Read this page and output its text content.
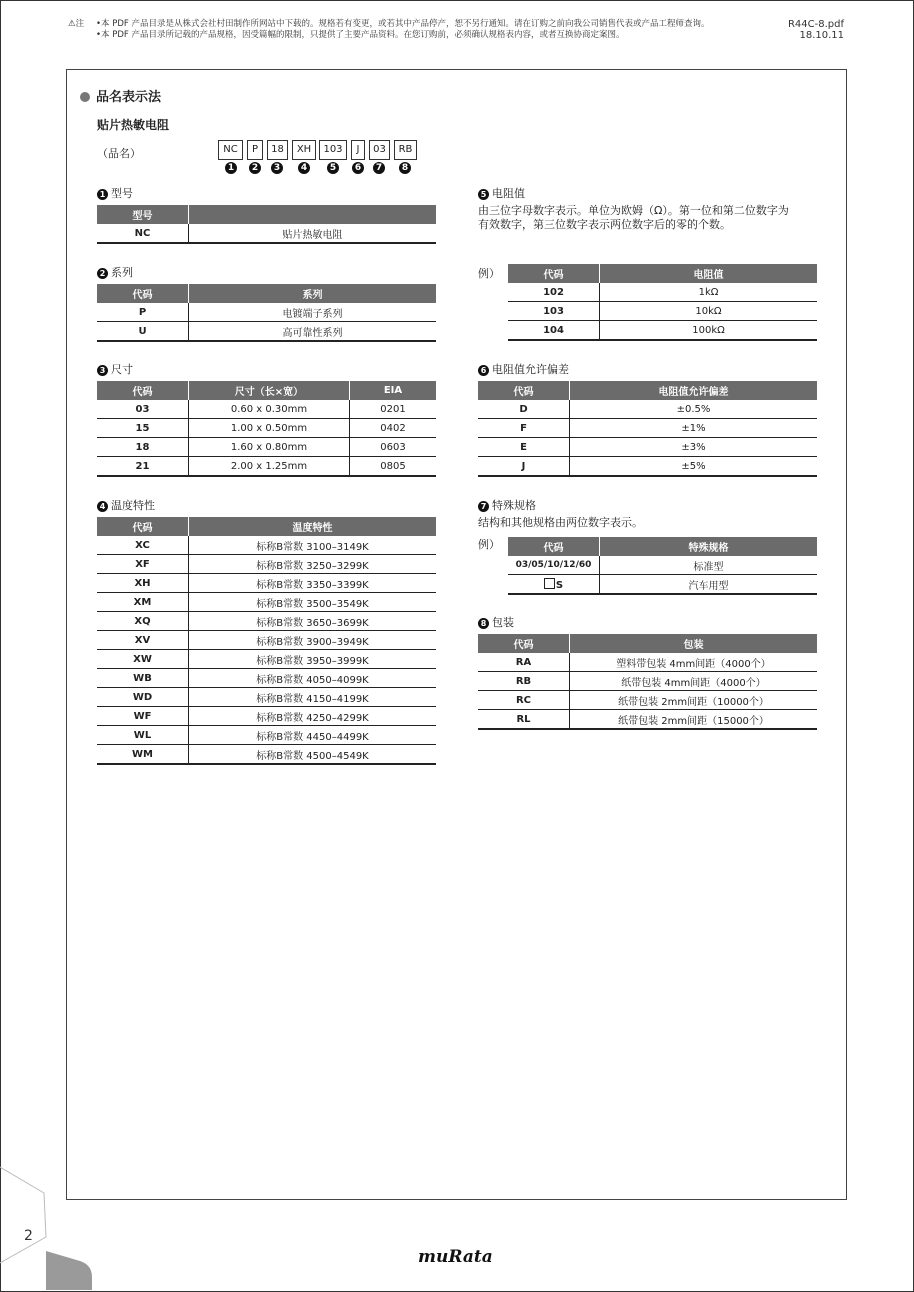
⚠注	•本 PDF 产品目录是从株式会社村田制作所网站中下载的。规格若有变更，或若其中产品停产，恕不另行通知。请在订购之前向我公司销售代表或产品工程师查询。
•本 PDF 产品目录所记载的产品规格，因受篇幅的限制，只提供了主要产品资料。在您订购前，必须确认规格表内容，或者互换协商定案图。
R44C-8.pdf
18.10.11
品名表示法
贴片热敏电阻
（品名）	NC	P	18	XH	103	J	03	RB
1	2	3	4	5	6	7	8
1 型号
型号	
NC	贴片热敏电阻
2 系列
代码	系列
P	电镀端子系列
U	高可靠性系列
3 尺寸
代码	尺寸（长×宽）	EIA
03	0.60 x 0.30mm	0201
15	1.00 x 0.50mm	0402
18	1.60 x 0.80mm	0603
21	2.00 x 1.25mm	0805
4 温度特性
代码	温度特性
XC	标称B常数 3100–3149K
XF	标称B常数 3250–3299K
XH	标称B常数 3350–3399K
XM	标称B常数 3500–3549K
XQ	标称B常数 3650–3699K
XV	标称B常数 3900–3949K
XW	标称B常数 3950–3999K
WB	标称B常数 4050–4099K
WD	标称B常数 4150–4199K
WF	标称B常数 4250–4299K
WL	标称B常数 4450–4499K
WM	标称B常数 4500–4549K
5 电阻值
由三位字母数字表示。单位为欧姆（Ω）。第一位和第二位数字为
有效数字，第三位数字表示两位数字后的零的个数。
例）	代码	电阻值
102	1kΩ
103	10kΩ
104	100kΩ
6 电阻值允许偏差
代码	电阻值允许偏差
D	±0.5%
F	±1%
E	±3%
J	±5%
7 特殊规格
结构和其他规格由两位数字表示。
例）	代码	特殊规格
03/05/10/12/60	标准型
S	汽车用型
8 包装
代码	包装
RA	塑料带包装 4mm间距（4000个）
RB	纸带包装 4mm间距（4000个）
RC	纸带包装 2mm间距（10000个）
RL	纸带包装 2mm间距（15000个）
2
muRata
